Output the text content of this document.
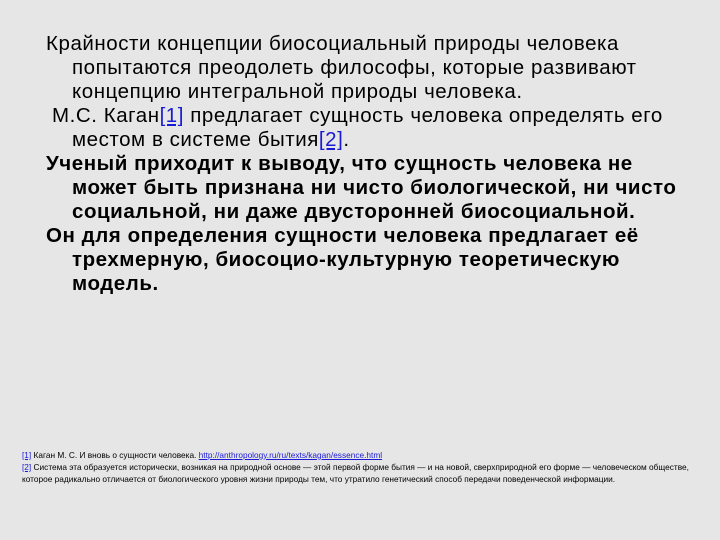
Крайности концепции биосоциальный природы человека попытаются преодолеть философы, которые развивают концепцию интегральной природы человека.

М.С. Каган[1] предлагает сущность человека определять его местом в системе бытия[2].

Ученый приходит к выводу, что сущность человека не может быть признана ни чисто биологической, ни чисто социальной, ни даже двусторонней биосоциальной.

Он для определения сущности человека предлагает её трехмерную, биосоцио-культурную теоретическую модель.

[1] Каган М. С. И вновь о сущности человека. http://anthropology.ru/ru/texts/kagan/essence.html

[2] Система эта образуется исторически, возникая на природной основе — этой первой форме бытия — и на новой, сверхприродной его форме — человеческом обществе, которое радикально отличается от биологического уровня жизни природы тем, что утратило генетический способ передачи поведенческой информации.
